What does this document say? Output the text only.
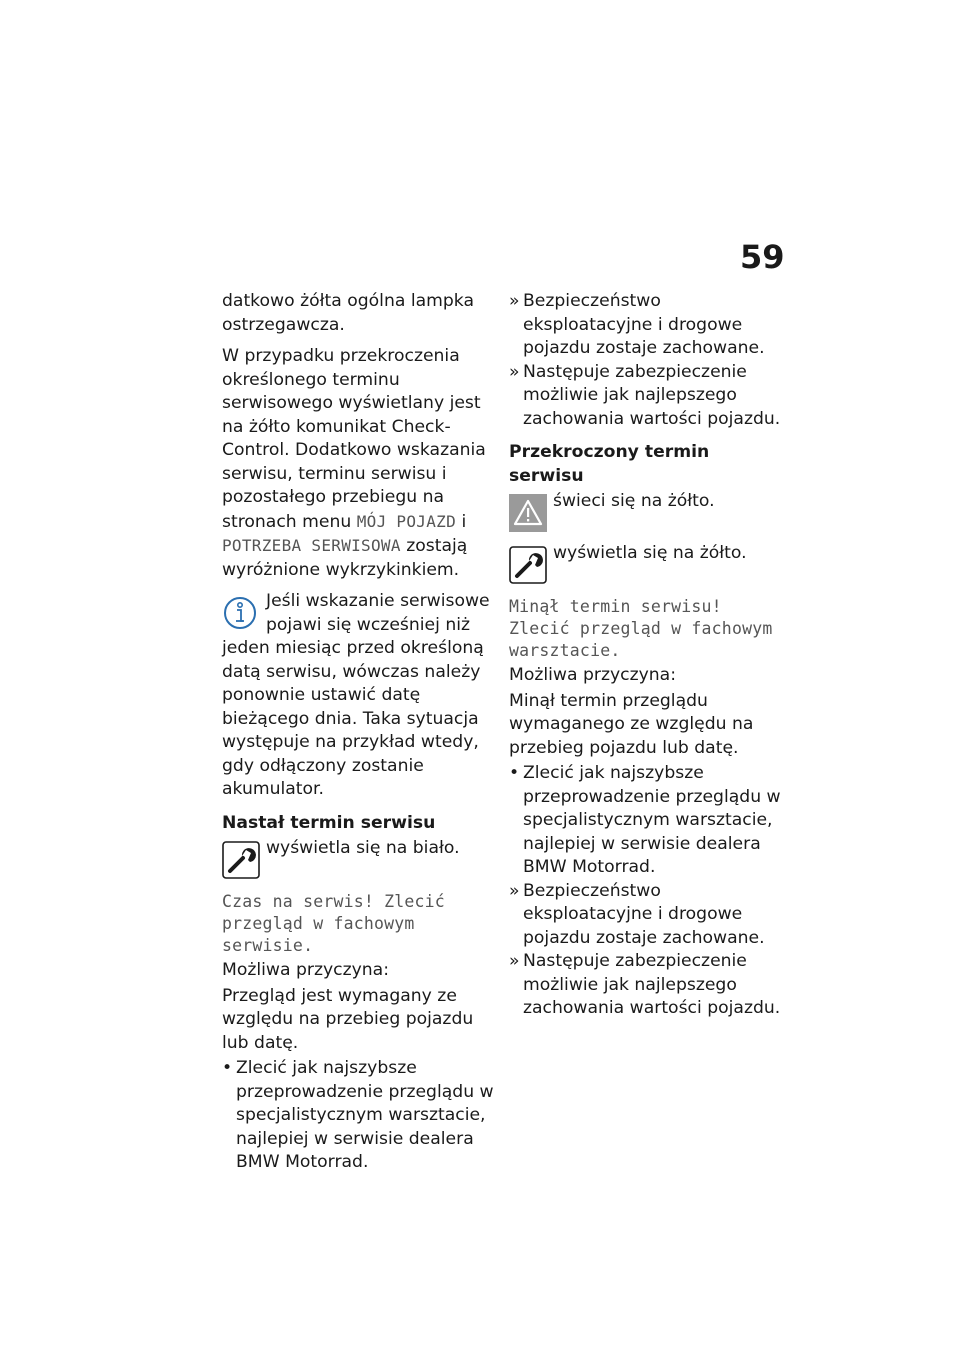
59

datkowo żółta ogólna lampka ostrzegawcza.

W przypadku przekroczenia określonego terminu serwisowego wyświetlany jest na żółto komunikat Check-Control. Dodatkowo wskazania serwisu, terminu serwisu i pozostałego przebiegu na stronach menu MÓJ POJAZD i POTRZEBA SERWISOWA zostają wyróżnione wykrzykinkiem.

Jeśli wskazanie serwisowe pojawi się wcześniej niż jeden miesiąc przed określoną datą serwisu, wówczas należy ponownie ustawić datę bieżącego dnia. Taka sytuacja występuje na przykład wtedy, gdy odłączony zostanie akumulator.
Nastał termin serwisu
wyświetla się na biało.
Czas na serwis! Zlecić przegląd w fachowym serwisie.

Możliwa przyczyna:

Przegląd jest wymagany ze względu na przebieg pojazdu lub datę.

• Zlecić jak najszybsze przeprowadzenie przeglądu w specjalistycznym warsztacie, najlepiej w serwisie dealera BMW Motorrad.
» Bezpieczeństwo eksploatacyjne i drogowe pojazdu zostaje zachowane.
» Następuje zabezpieczenie możliwie jak najlepszego zachowania wartości pojazdu.
Przekroczony termin serwisu
świeci się na żółto.
wyświetla się na żółto.
Minął termin serwisu! Zlecić przegląd w fachowym warsztacie.

Możliwa przyczyna:

Minął termin przeglądu wymaganego ze względu na przebieg pojazdu lub datę.

• Zlecić jak najszybsze przeprowadzenie przeglądu w specjalistycznym warsztacie, najlepiej w serwisie dealera BMW Motorrad.
» Bezpieczeństwo eksploatacyjne i drogowe pojazdu zostaje zachowane.
» Następuje zabezpieczenie możliwie jak najlepszego zachowania wartości pojazdu.
